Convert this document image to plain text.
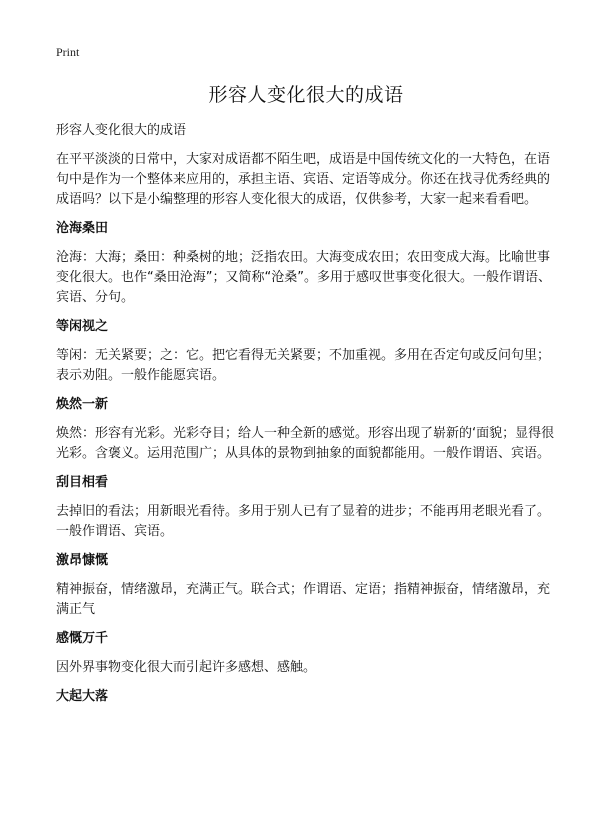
Print
形容人变化很大的成语

形容人变化很大的成语

在平平淡淡的日常中，大家对成语都不陌生吧，成语是中国传统文化的一大特色，在语句中是作为一个整体来应用的，承担主语、宾语、定语等成分。你还在找寻优秀经典的成语吗？以下是小编整理的形容人变化很大的成语，仅供参考，大家一起来看看吧。

沧海桑田

沧海：大海；桑田：种桑树的地；泛指农田。大海变成农田；农田变成大海。比喻世事变化很大。也作“桑田沧海”；又简称“沧桑”。多用于感叹世事变化很大。一般作谓语、宾语、分句。

等闲视之

等闲：无关紧要；之：它。把它看得无关紧要；不加重视。多用在否定句或反问句里；表示劝阻。一般作能愿宾语。

焕然一新

焕然：形容有光彩。光彩夺目；给人一种全新的感觉。形容出现了崭新的‘面貌；显得很光彩。含褒义。运用范围广；从具体的景物到抽象的面貌都能用。一般作谓语、宾语。

刮目相看

去掉旧的看法；用新眼光看待。多用于别人已有了显着的进步；不能再用老眼光看了。一般作谓语、宾语。

激昂慷慨

精神振奋，情绪激昂，充满正气。联合式；作谓语、定语；指精神振奋，情绪激昂，充满正气

感慨万千

因外界事物变化很大而引起许多感想、感触。

大起大落
